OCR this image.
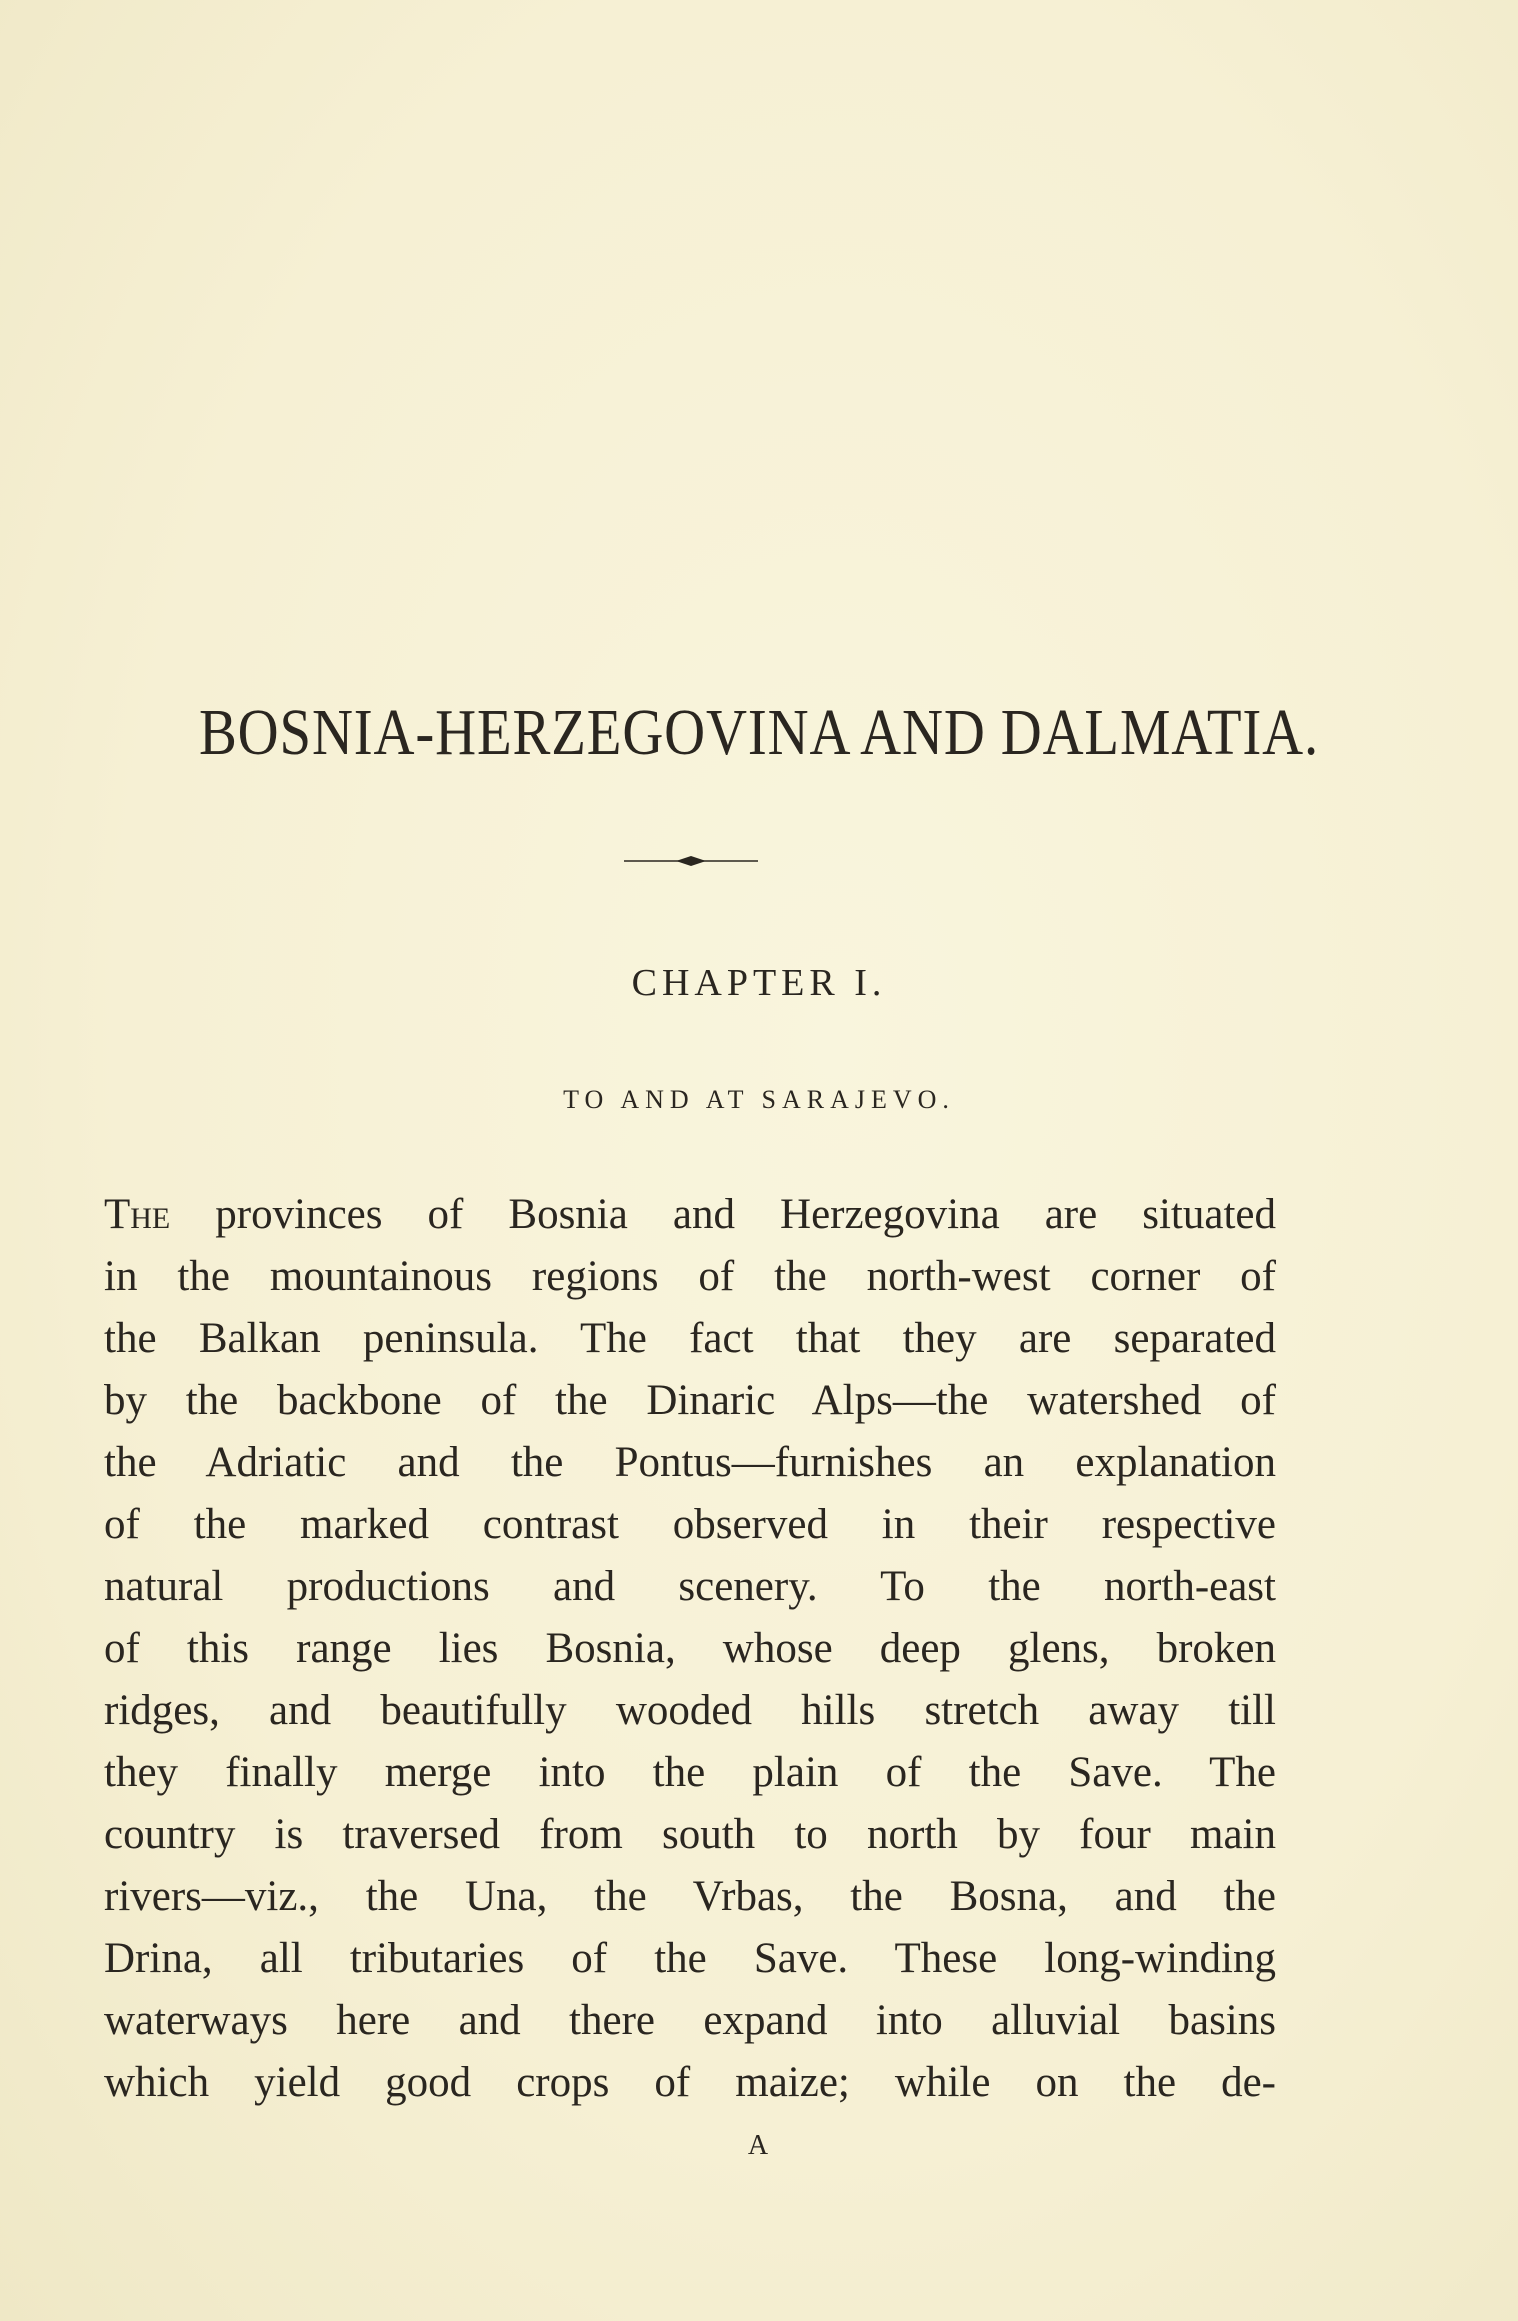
BOSNIA-HERZEGOVINA AND DALMATIA.
CHAPTER I.
TO AND AT SARAJEVO.
The provinces of Bosnia and Herzegovina are situated
in the mountainous regions of the north-west corner of
the Balkan peninsula. The fact that they are separated
by the backbone of the Dinaric Alps—the watershed of
the Adriatic and the Pontus—furnishes an explanation
of the marked contrast observed in their respective
natural productions and scenery. To the north-east
of this range lies Bosnia, whose deep glens, broken
ridges, and beautifully wooded hills stretch away till
they finally merge into the plain of the Save. The
country is traversed from south to north by four main
rivers—viz., the Una, the Vrbas, the Bosna, and the
Drina, all tributaries of the Save. These long-winding
waterways here and there expand into alluvial basins
which yield good crops of maize; while on the de-
A
